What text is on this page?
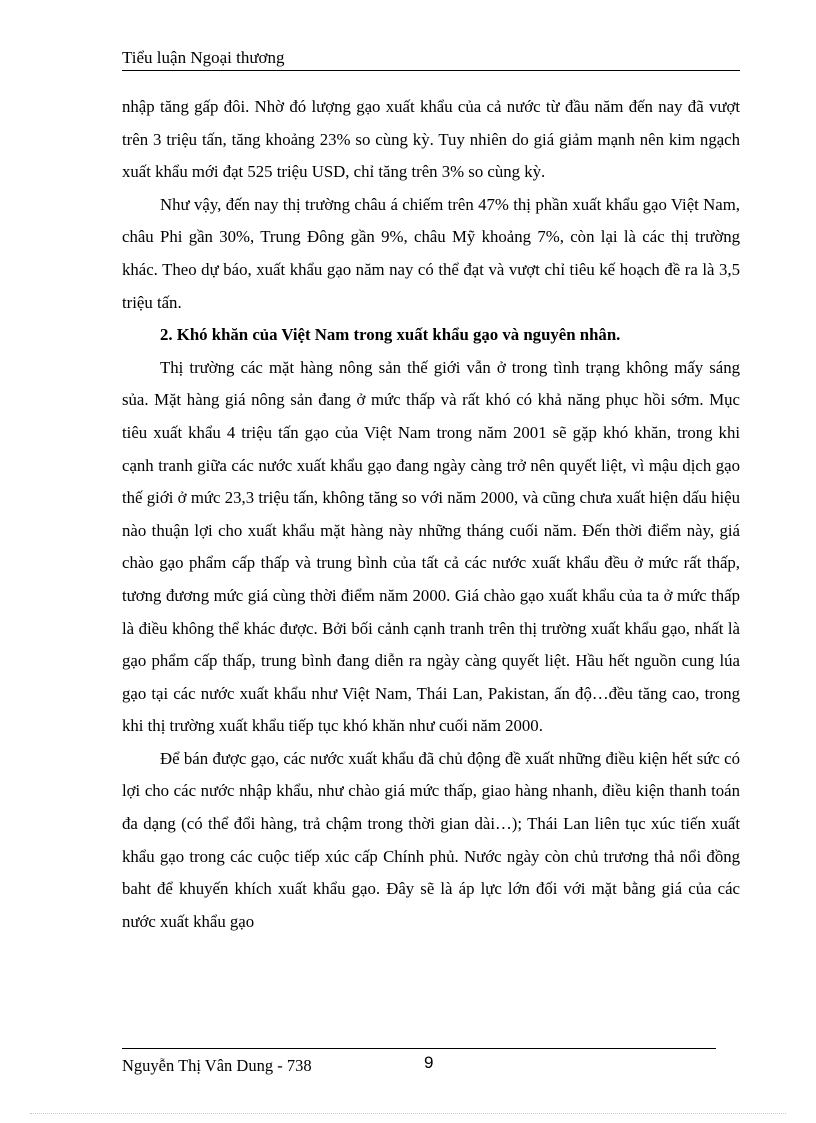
Tiểu luận Ngoại thương

nhập tăng gấp đôi. Nhờ đó lượng gạo xuất khẩu của cả nước từ đầu năm đến nay đã vượt trên 3 triệu tấn, tăng khoảng 23% so cùng kỳ. Tuy nhiên do giá giảm mạnh nên kim ngạch xuất khẩu mới đạt 525 triệu USD, chỉ tăng trên 3% so cùng kỳ.

Như vậy, đến nay thị trường châu á chiếm trên 47% thị phần xuất khẩu gạo Việt Nam, châu Phi gần 30%, Trung Đông gần 9%, châu Mỹ khoảng 7%, còn lại là các thị trường khác. Theo dự báo, xuất khẩu gạo năm nay có thể đạt và vượt chỉ tiêu kế hoạch đề ra là 3,5 triệu tấn.

2. Khó khăn của Việt Nam trong xuất khẩu gạo và nguyên nhân.

Thị trường các mặt hàng nông sản thế giới vẫn ở trong tình trạng không mấy sáng sủa. Mặt hàng giá nông sản đang ở mức thấp và rất khó có khả năng phục hồi sớm. Mục tiêu xuất khẩu 4 triệu tấn gạo của Việt Nam trong năm 2001 sẽ gặp khó khăn, trong khi cạnh tranh giữa các nước xuất khẩu gạo đang ngày càng trở nên quyết liệt, vì mậu dịch gạo thế giới ở mức 23,3 triệu tấn, không tăng so với năm 2000, và cũng chưa xuất hiện dấu hiệu nào thuận lợi cho xuất khẩu mặt hàng này những tháng cuối năm. Đến thời điểm này, giá chào gạo phẩm cấp thấp và trung bình của tất cả các nước xuất khẩu đều ở mức rất thấp, tương đương mức giá cùng thời điểm năm 2000. Giá chào gạo xuất khẩu của ta ở mức thấp là điều không thể khác được. Bởi bối cảnh cạnh tranh trên thị trường xuất khẩu gạo, nhất là gạo phẩm cấp thấp, trung bình đang diễn ra ngày càng quyết liệt. Hầu hết nguồn cung lúa gạo tại các nước xuất khẩu như Việt Nam, Thái Lan, Pakistan, ấn độ…đều tăng cao, trong khi thị trường xuất khẩu tiếp tục khó khăn như cuối năm 2000.

Để bán được gạo, các nước xuất khẩu đã chủ động đề xuất những điều kiện hết sức có lợi cho các nước nhập khẩu, như chào giá mức thấp, giao hàng nhanh, điều kiện thanh toán đa dạng (có thể đổi hàng, trả chậm trong thời gian dài…); Thái Lan liên tục xúc tiến xuất khẩu gạo trong các cuộc tiếp xúc cấp Chính phủ. Nước ngày còn chủ trương thả nổi đồng baht để khuyến khích xuất khẩu gạo. Đây sẽ là áp lực lớn đối với mặt bằng giá của các nước xuất khẩu gạo

Nguyễn Thị Vân Dung - 738	9
